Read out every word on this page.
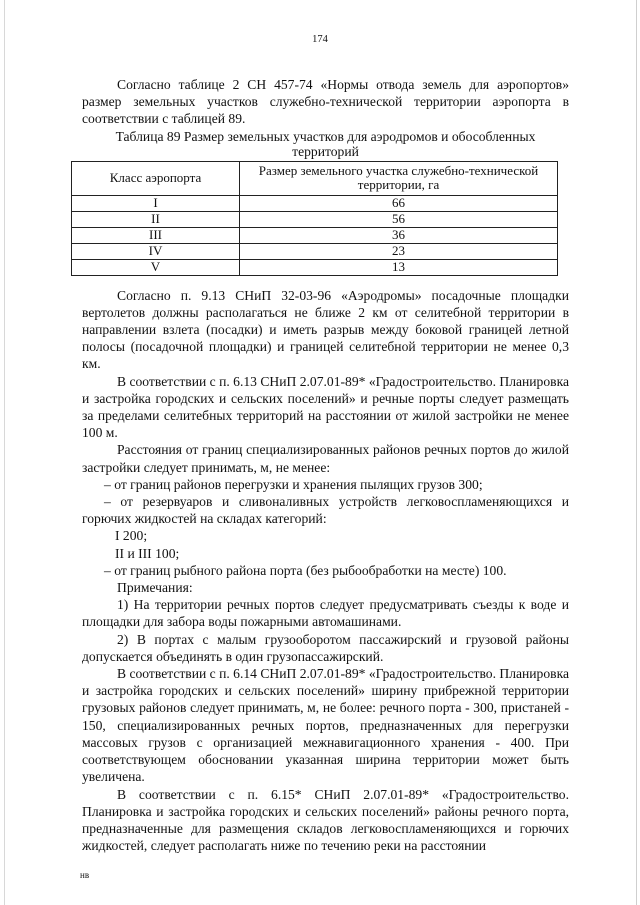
174

Согласно таблице 2 СН 457-74 «Нормы отвода земель для аэропортов» размер земельных участков служебно-технической территории аэропорта в соответствии с таблицей 89.

Таблица 89 Размер земельных участков для аэродромов и обособленных территорий
Класс аэропорта	Размер земельного участка служебно-технической территории, га
I	66
II	56
III	36
IV	23
V	13

Согласно п. 9.13 СНиП 32-03-96 «Аэродромы» посадочные площадки вертолетов должны располагаться не ближе 2 км от селитебной территории в направлении взлета (посадки) и иметь разрыв между боковой границей летной полосы (посадочной площадки) и границей селитебной территории не менее 0,3 км.

В соответствии с п. 6.13 СНиП 2.07.01-89* «Градостроительство. Планировка и застройка городских и сельских поселений» и речные порты следует размещать за пределами селитебных территорий на расстоянии от жилой застройки не менее 100 м.

Расстояния от границ специализированных районов речных портов до жилой застройки следует принимать, м, не менее:

– от границ районов перегрузки и хранения пылящих грузов 300;

– от резервуаров и сливоналивных устройств легковоспламеняющихся и горючих жидкостей на складах категорий:

I 200;

II и III 100;

– от границ рыбного района порта (без рыбообработки на месте) 100.

Примечания:

1) На территории речных портов следует предусматривать съезды к воде и площадки для забора воды пожарными автомашинами.

2) В портах с малым грузооборотом пассажирский и грузовой районы допускается объединять в один грузопассажирский.

В соответствии с п. 6.14 СНиП 2.07.01-89* «Градостроительство. Планировка и застройка городских и сельских поселений» ширину прибрежной территории грузовых районов следует принимать, м, не более: речного порта - 300, пристаней - 150, специализированных речных портов, предназначенных для перегрузки массовых грузов с организацией межнавигационного хранения - 400. При соответствующем обосновании указанная ширина территории может быть увеличена.

В соответствии с п. 6.15* СНиП 2.07.01-89* «Градостроительство. Планировка и застройка городских и сельских поселений» районы речного порта, предназначенные для размещения складов легковоспламеняющихся и горючих жидкостей, следует располагать ниже по течению реки на расстоянии

нв
